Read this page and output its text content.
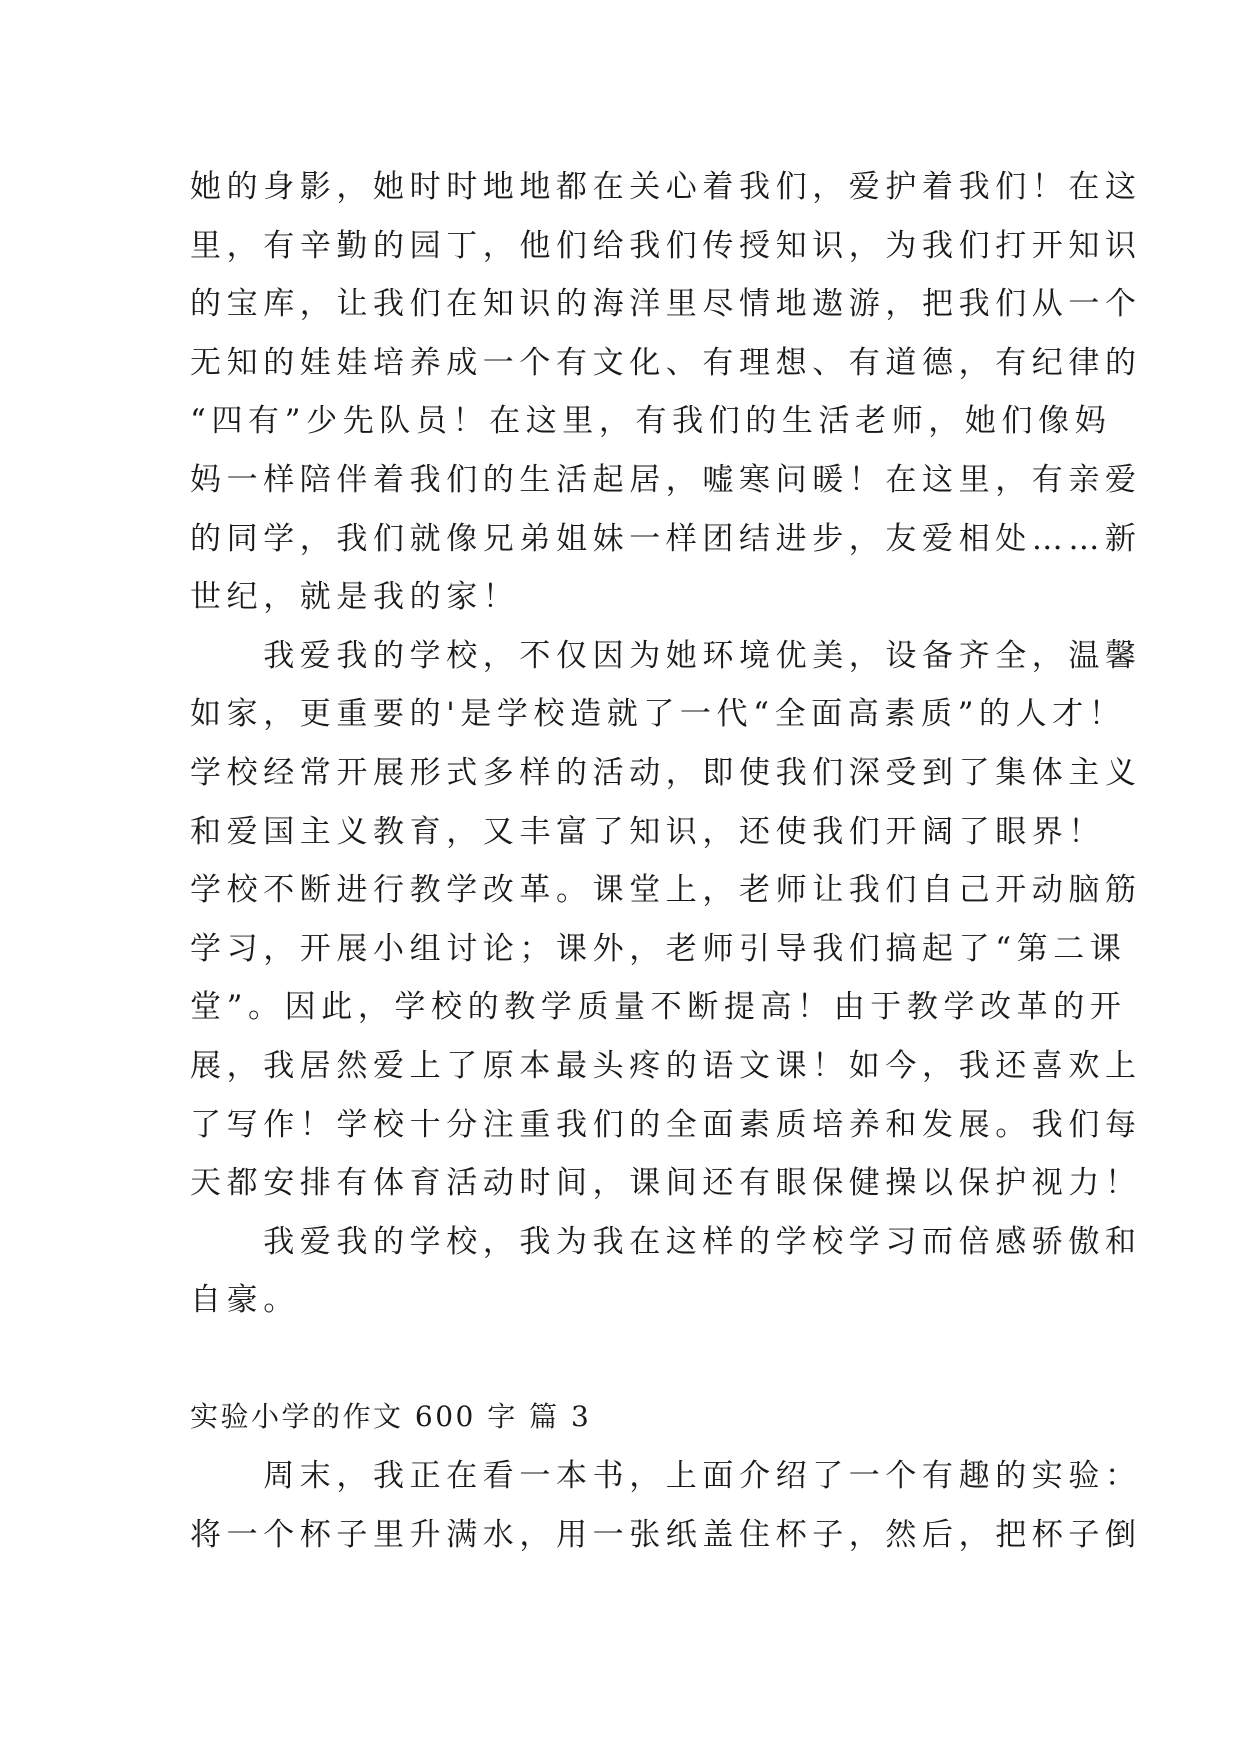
她的身影，她时时地地都在关心着我们，爱护着我们！在这
里，有辛勤的园丁，他们给我们传授知识，为我们打开知识
的宝库，让我们在知识的海洋里尽情地遨游，把我们从一个
无知的娃娃培养成一个有文化、有理想、有道德，有纪律的
“四有”少先队员！在这里，有我们的生活老师，她们像妈
妈一样陪伴着我们的生活起居，嘘寒问暖！在这里，有亲爱
的同学，我们就像兄弟姐妹一样团结进步，友爱相处……新
世纪，就是我的家！
　　我爱我的学校，不仅因为她环境优美，设备齐全，温馨
如家，更重要的'是学校造就了一代“全面高素质”的人才！
学校经常开展形式多样的活动，即使我们深受到了集体主义
和爱国主义教育，又丰富了知识，还使我们开阔了眼界！
学校不断进行教学改革。课堂上，老师让我们自己开动脑筋
学习，开展小组讨论；课外，老师引导我们搞起了“第二课
堂”。因此，学校的教学质量不断提高！由于教学改革的开
展，我居然爱上了原本最头疼的语文课！如今，我还喜欢上
了写作！学校十分注重我们的全面素质培养和发展。我们每
天都安排有体育活动时间，课间还有眼保健操以保护视力！
　　我爱我的学校，我为我在这样的学校学习而倍感骄傲和
自豪。
实验小学的作文 600 字 篇 3
　　周末，我正在看一本书，上面介绍了一个有趣的实验：
将一个杯子里升满水，用一张纸盖住杯子，然后，把杯子倒
